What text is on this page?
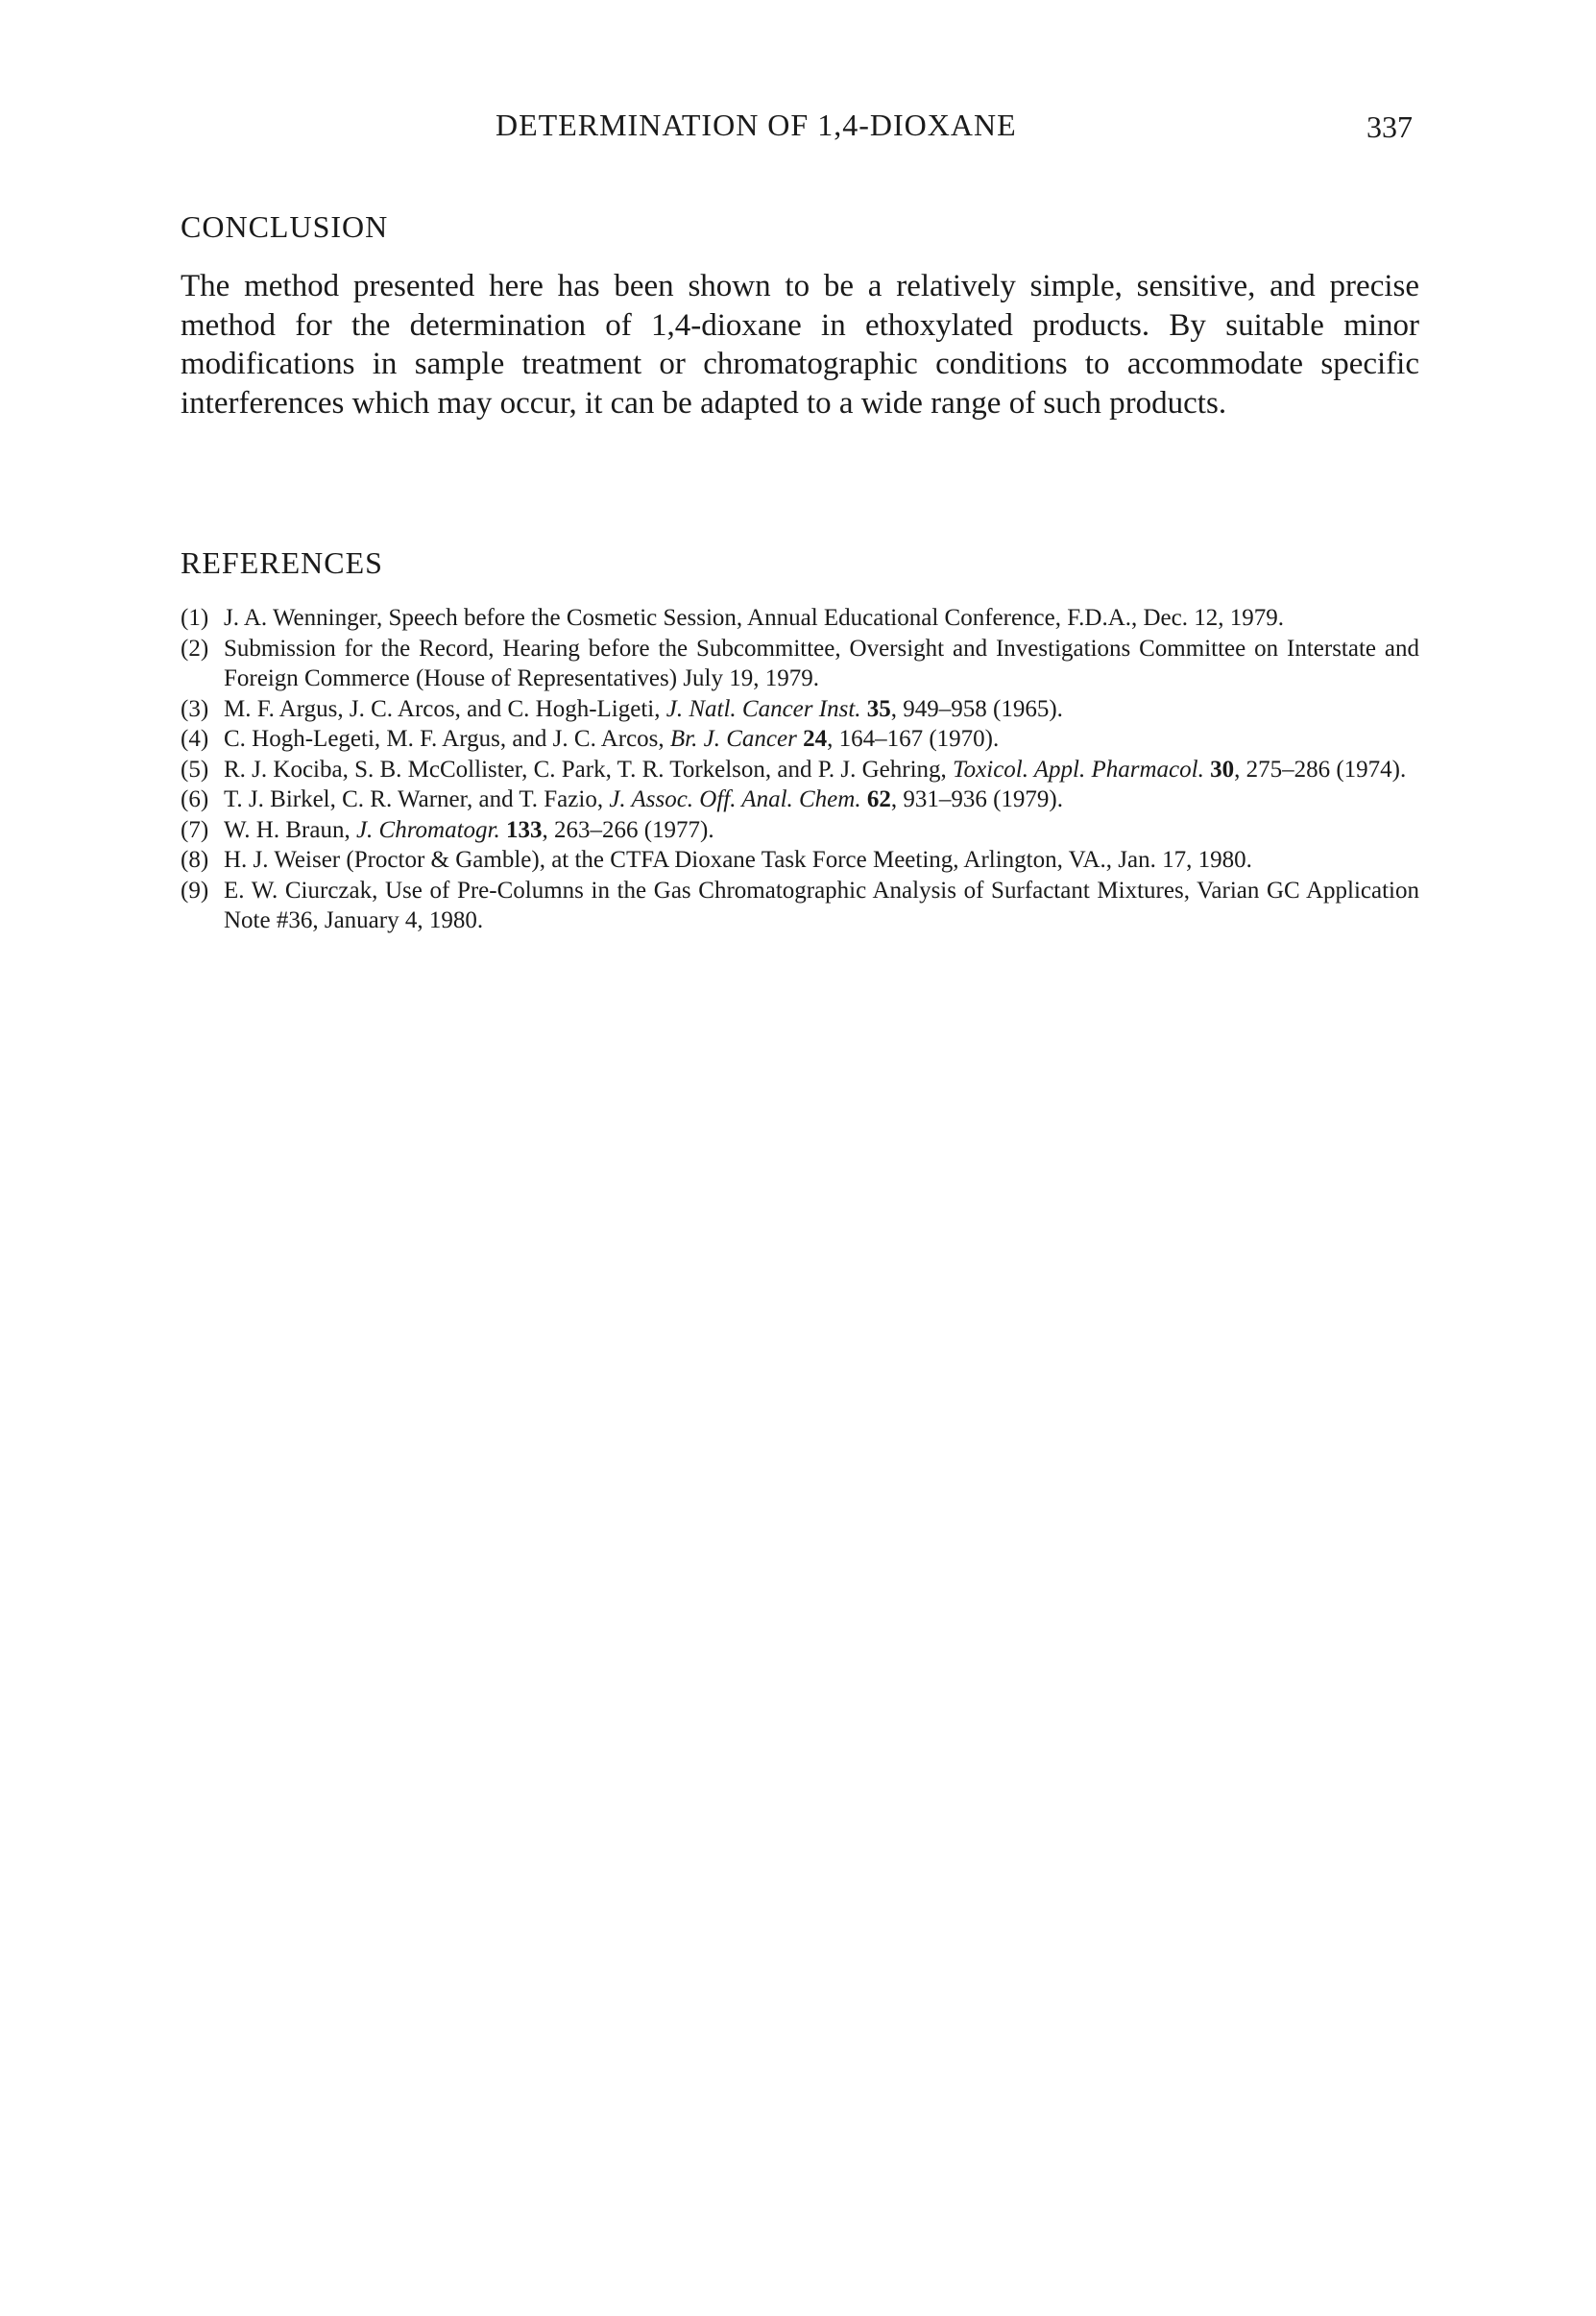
DETERMINATION OF 1,4-DIOXANE	337
CONCLUSION

The method presented here has been shown to be a relatively simple, sensitive, and precise method for the determination of 1,4-dioxane in ethoxylated products. By suitable minor modifications in sample treatment or chromatographic conditions to accommodate specific interferences which may occur, it can be adapted to a wide range of such products.

REFERENCES
(1) J. A. Wenninger, Speech before the Cosmetic Session, Annual Educational Conference, F.D.A., Dec. 12, 1979.
(2) Submission for the Record, Hearing before the Subcommittee, Oversight and Investigations Committee on Interstate and Foreign Commerce (House of Representatives) July 19, 1979.
(3) M. F. Argus, J. C. Arcos, and C. Hogh-Ligeti, J. Natl. Cancer Inst. 35, 949–958 (1965).
(4) C. Hogh-Legeti, M. F. Argus, and J. C. Arcos, Br. J. Cancer 24, 164–167 (1970).
(5) R. J. Kociba, S. B. McCollister, C. Park, T. R. Torkelson, and P. J. Gehring, Toxicol. Appl. Pharmacol. 30, 275–286 (1974).
(6) T. J. Birkel, C. R. Warner, and T. Fazio, J. Assoc. Off. Anal. Chem. 62, 931–936 (1979).
(7) W. H. Braun, J. Chromatogr. 133, 263–266 (1977).
(8) H. J. Weiser (Proctor & Gamble), at the CTFA Dioxane Task Force Meeting, Arlington, VA., Jan. 17, 1980.
(9) E. W. Ciurczak, Use of Pre-Columns in the Gas Chromatographic Analysis of Surfactant Mixtures, Varian GC Application Note #36, January 4, 1980.
